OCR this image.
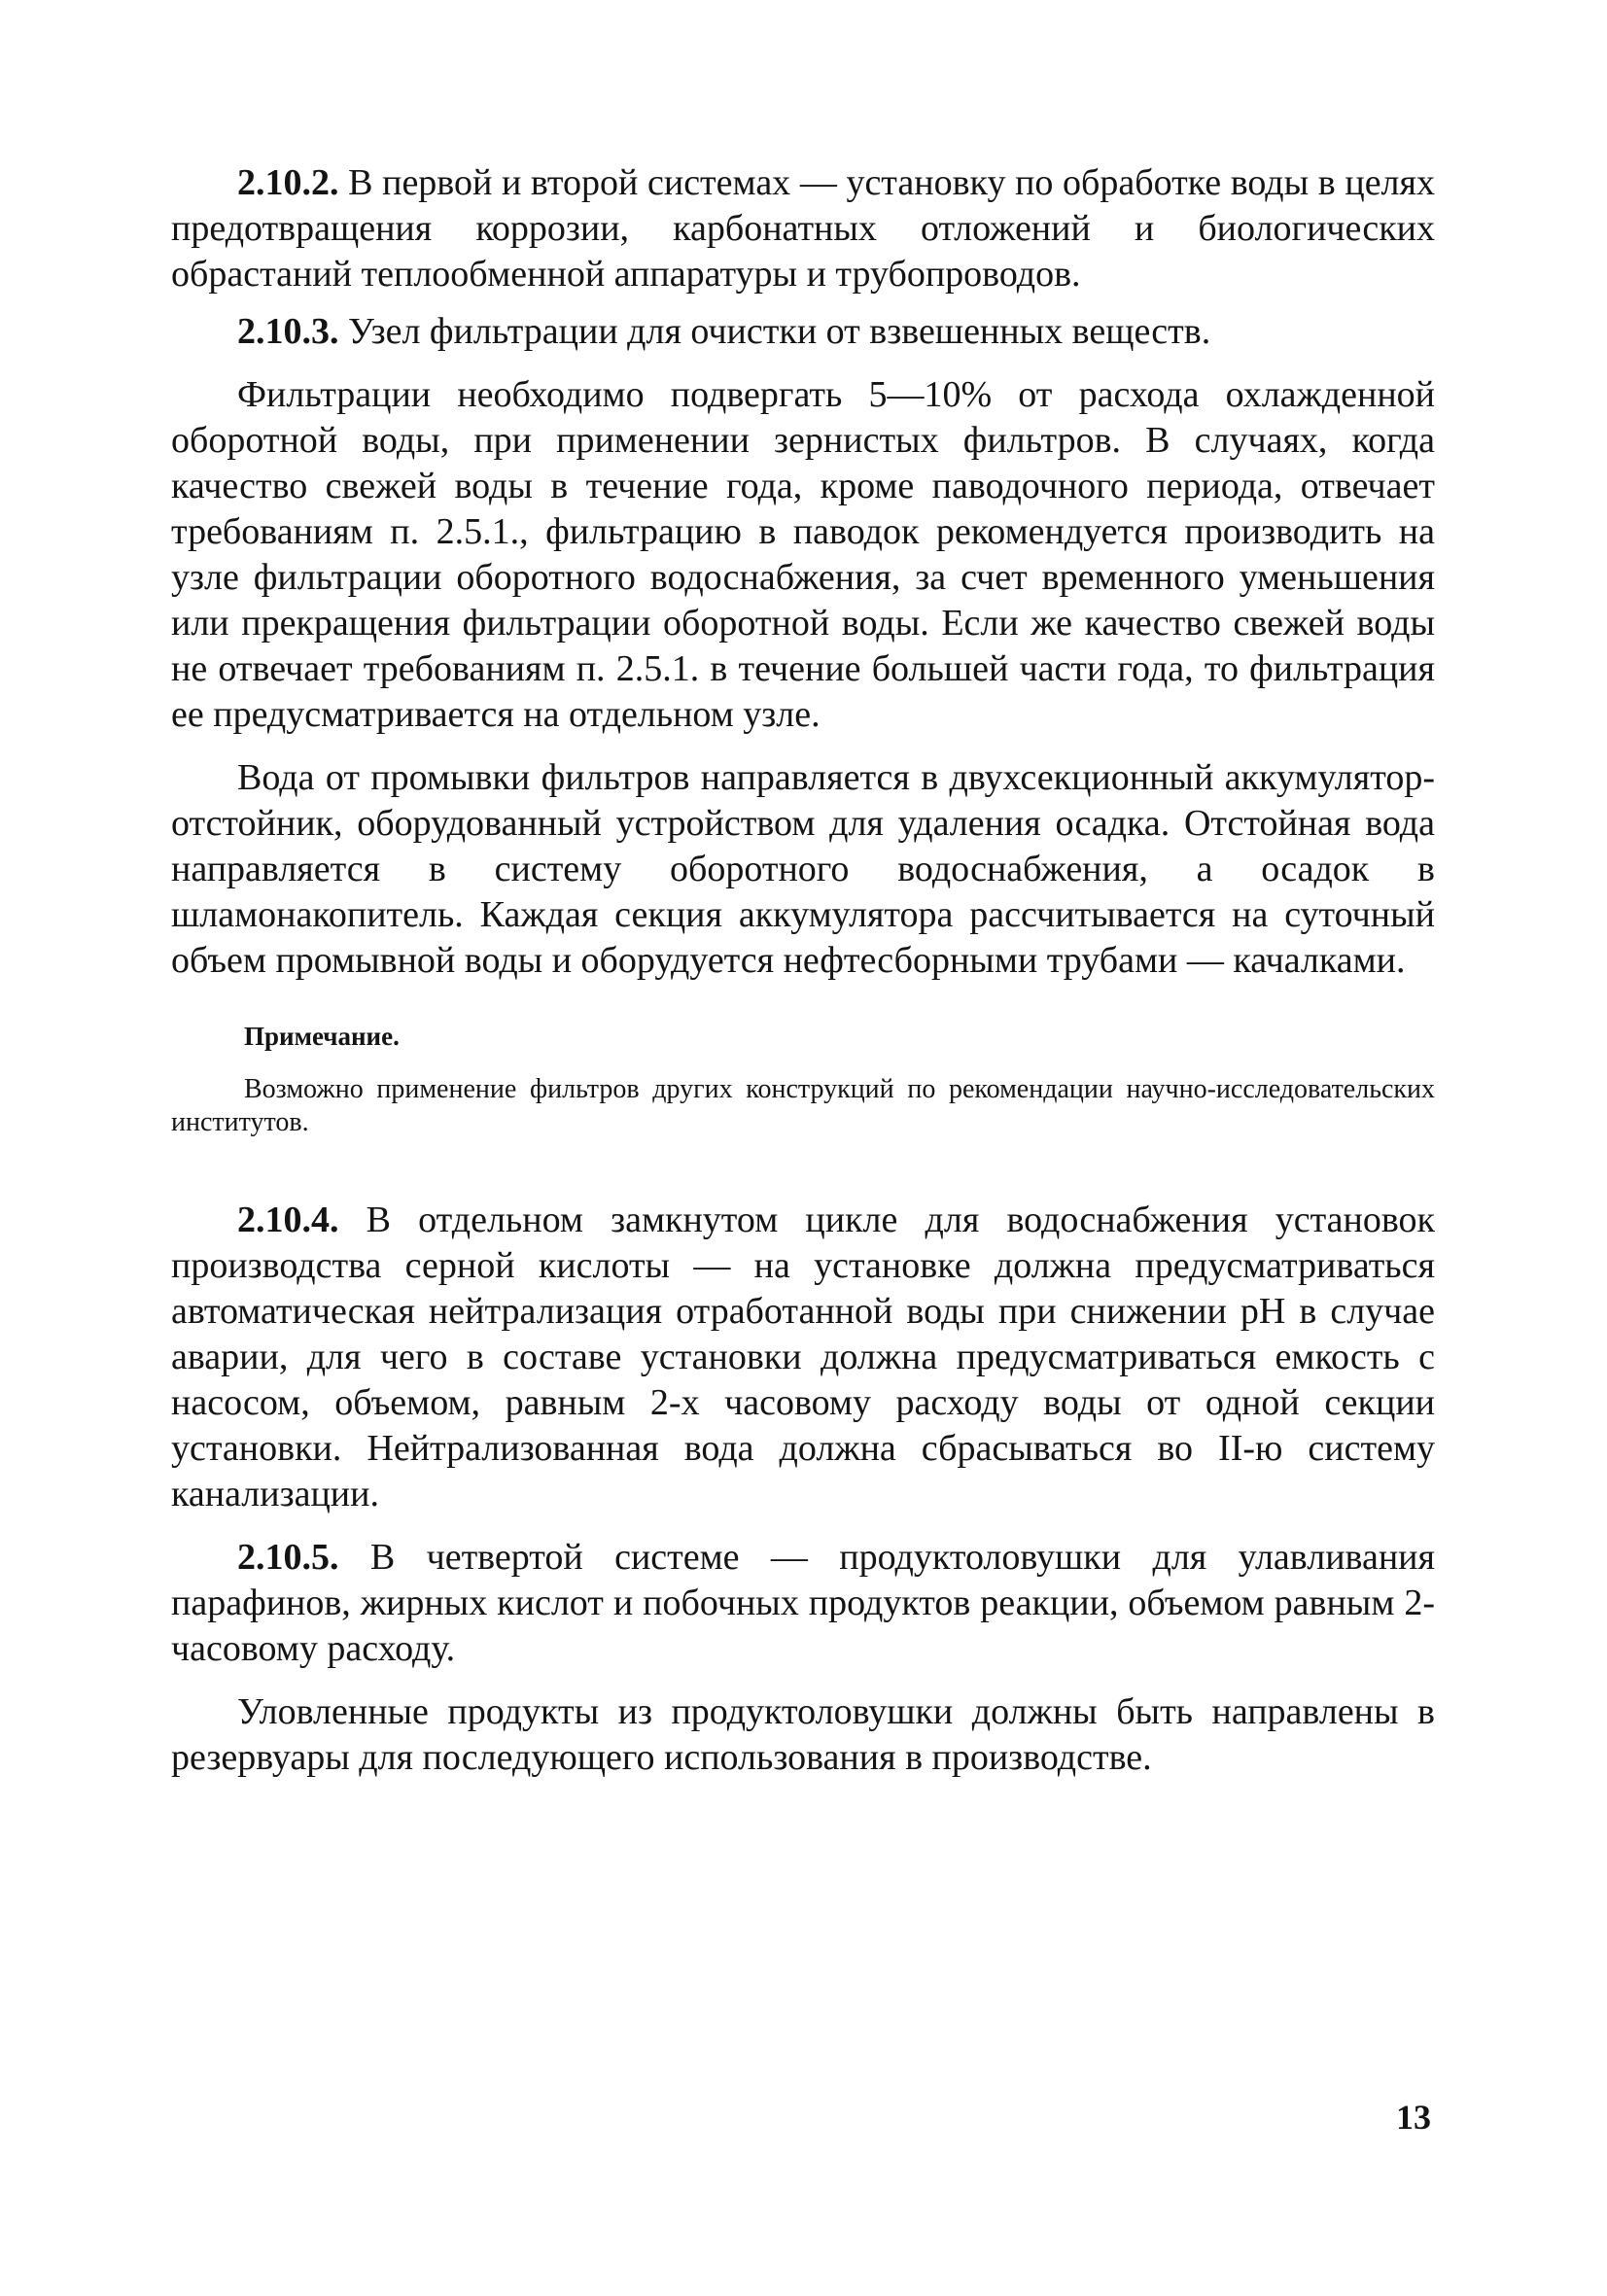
2.10.2. В первой и второй системах — установку по обработке воды в целях предотвращения коррозии, карбонатных отложений и биологических обрастаний теплообменной аппаратуры и трубопроводов.

2.10.3. Узел фильтрации для очистки от взвешенных веществ.

Фильтрации необходимо подвергать 5—10% от расхода охлажденной оборотной воды, при применении зернистых фильтров. В случаях, когда качество свежей воды в течение года, кроме паводочного периода, отвечает требованиям п. 2.5.1., фильтрацию в паводок рекомендуется производить на узле фильтрации оборотного водоснабжения, за счет временного уменьшения или прекращения фильтрации оборотной воды. Если же качество свежей воды не отвечает требованиям п. 2.5.1. в течение большей части года, то фильтрация ее предусматривается на отдельном узле.

Вода от промывки фильтров направляется в двухсекционный аккумулятор-отстойник, оборудованный устройством для удаления осадка. Отстойная вода направляется в систему оборотного водоснабжения, а осадок в шламонакопитель. Каждая секция аккумулятора рассчитывается на суточный объем промывной воды и оборудуется нефтесборными трубами — качалками.

Примечание.

Возможно применение фильтров других конструкций по рекомендации научно-исследовательских институтов.

2.10.4. В отдельном замкнутом цикле для водоснабжения установок производства серной кислоты — на установке должна предусматриваться автоматическая нейтрализация отработанной воды при снижении pH в случае аварии, для чего в составе установки должна предусматриваться емкость с насосом, объемом, равным 2-х часовому расходу воды от одной секции установки. Нейтрализованная вода должна сбрасываться во II-ю систему канализации.

2.10.5. В четвертой системе — продуктоловушки для улавливания парафинов, жирных кислот и побочных продуктов реакции, объемом равным 2-часовому расходу.

Уловленные продукты из продуктоловушки должны быть направлены в резервуары для последующего использования в производстве.

13
